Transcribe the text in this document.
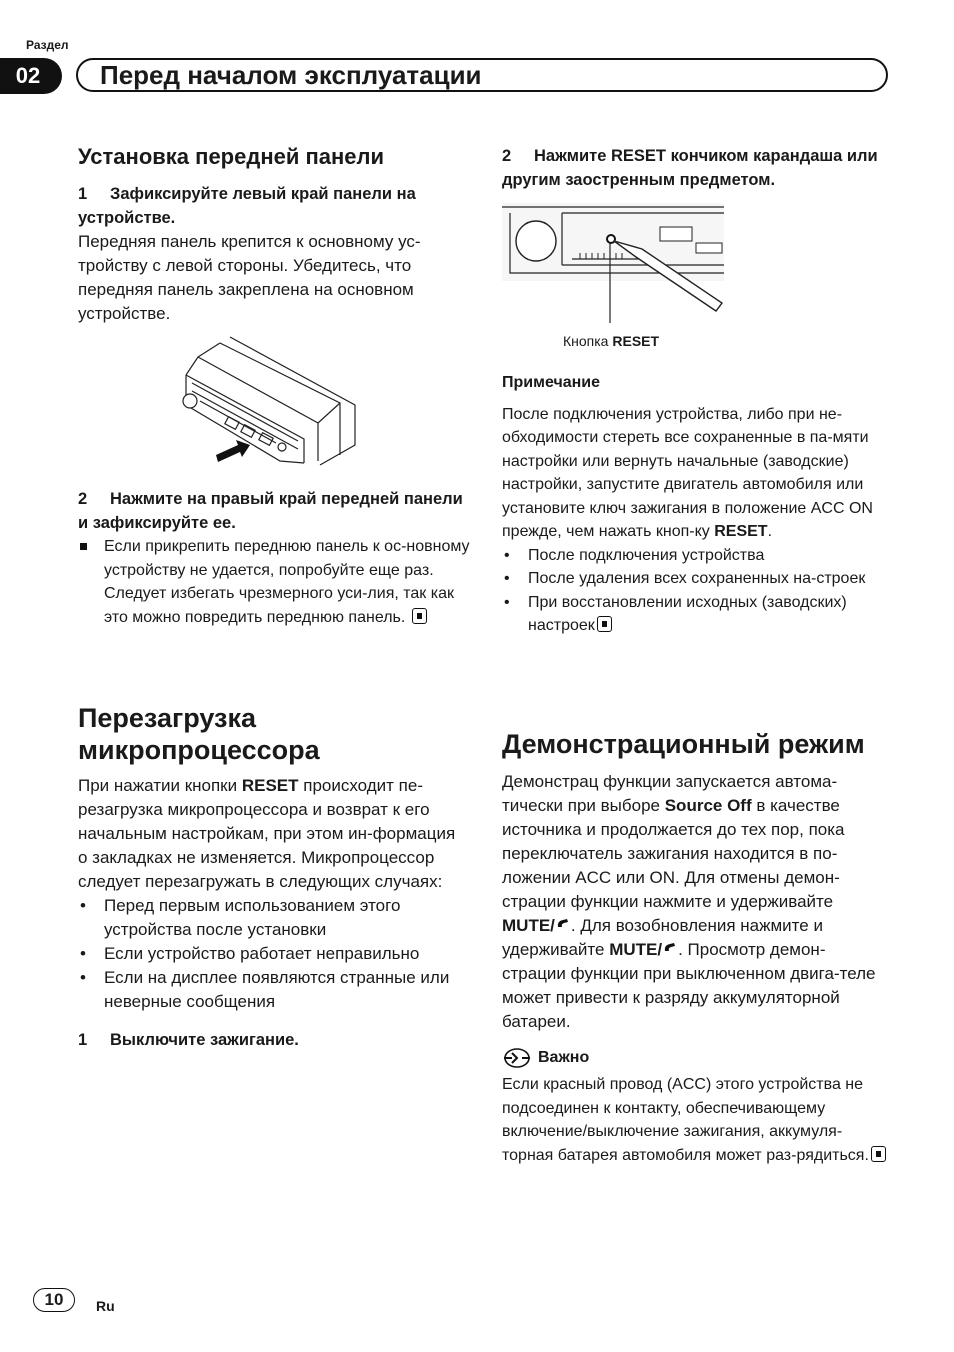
Раздел
02	Перед началом эксплуатации
Установка передней панели

1 Зафиксируйте левый край панели на устройстве.

Передняя панель крепится к основному ус-тройству с левой стороны. Убедитесь, что передняя панель закреплена на основном устройстве.

2 Нажмите на правый край передней панели и зафиксируйте ее.

Если прикрепить переднюю панель к ос-новному устройству не удается, попробуйте еще раз. Следует избегать чрезмерного уси-лия, так как это можно повредить переднюю панель.
Перезагрузка
микропроцессора

При нажатии кнопки RESET происходит пе-резагрузка микропроцессора и возврат к его начальным настройкам, при этом ин-формация о закладках не изменяется. Микропроцессор следует перезагружать в следующих случаях:

• Перед первым использованием этого устройства после установки
• Если устройство работает неправильно
• Если на дисплее появляются странные или неверные сообщения

1 Выключите зажигание.

2 Нажмите RESET кончиком карандаша или другим заостренным предметом.

Кнопка RESET

Примечание

После подключения устройства, либо при не-обходимости стереть все сохраненные в па-мяти настройки или вернуть начальные (заводские) настройки, запустите двигатель автомобиля или установите ключ зажигания в положение ACC ON прежде, чем нажать кноп-ку RESET.

• После подключения устройства
• После удаления всех сохраненных на-строек
• При восстановлении исходных (заводских) настроек
Демонстрационный режим

Демонстрац функции запускается автома-тически при выборе Source Off в качестве источника и продолжается до тех пор, пока переключатель зажигания находится в по-ложении ACC или ON. Для отмены демон-страции функции нажмите и удерживайте MUTE/ . Для возобновления нажмите и удерживайте MUTE/ . Просмотр демон-страции функции при выключенном двига-теле может привести к разряду аккумуляторной батареи.

Важно

Если красный провод (ACC) этого устройства не подсоединен к контакту, обеспечивающему включение/выключение зажигания, аккумуля-торная батарея автомобиля может раз-рядиться.

10	Ru
